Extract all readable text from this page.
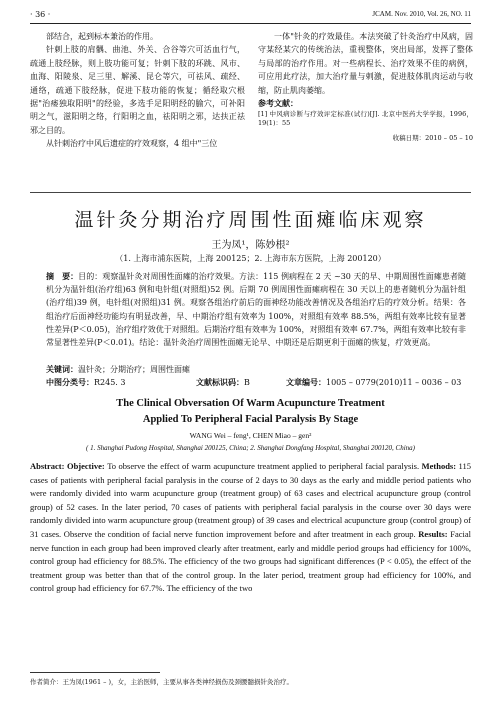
· 36 ·	JCAM. Nov. 2010, Vol. 26, NO. 11

部结合，起到标本兼治的作用。

针刺上肢的肩髃、曲池、外关、合谷等穴可活血行气，疏通上肢经脉，则上肢功能可复；针刺下肢的环跳、风市、血海、阳陵泉、足三里、解溪、昆仑等穴，可祛风、疏经、通络，疏通下肢经脉，促进下肢功能的恢复；循经取穴根据"治痿独取阳明"的经验，多选手足阳明经的腧穴，可补阳明之气，滋阳明之络，行阳明之血，祛阳明之邪，达扶正祛邪之目的。

从针刺治疗中风后遗症的疗效观察，4 组中"三位

一体"针灸的疗效最佳。本法突破了针灸治疗中风病，固守某经某穴的传统治法，重视整体，突出局部，发挥了整体与局部的治疗作用。对一些病程长、治疗效果不佳的病例，可应用此疗法，加大治疗量与剌激，促进肢体肌肉运动与收缩，防止肌肉萎缩。

参考文献：

[1] 中风病诊断与疗效评定标准(试行)[J]. 北京中医药大学学报，1996，19(1)：55

收稿日期：2010 – 05 – 10

温针灸分期治疗周围性面瘫临床观察
王为凤¹，陈妙根²
（1. 上海市浦东医院，上海 200125；2. 上海市东方医院，上海 200120）
摘　要：目的：观察温针灸对周围性面瘫的治疗效果。方法：115 例病程在 2 天 ~30 天的早、中期周围性面瘫患者随机分为温针组(治疗组)63 例和电针组(对照组)52 例。后期 70 例周围性面瘫病程在 30 天以上的患者随机分为温针组(治疗组)39 例，电针组(对照组)31 例。观察各组治疗前后的面神经功能改善情况及各组治疗后的疗效分析。结果：各组治疗后面神经功能均有明显改善，早、中期治疗组有效率为 100%，对照组有效率 88.5%，两组有效率比较有显著性差异(P＜0.05)，治疗组疗效优于对照组。后期治疗组有效率为 100%，对照组有效率 67.7%，两组有效率比较有非常显著性差异(P＜0.01)。结论：温针灸治疗周围性面瘫无论早、中期还是后期更利于面瘫的恢复，疗效更高。
关键词：温针灸；分期治疗；周围性面瘫
中图分类号：R245. 3	文献标识码：B	文章编号：1005 – 0779(2010)11 – 0036 – 03
The Clinical Obversation Of Warm Acupuncture Treatment
Applied To Peripheral Facial Paralysis By Stage
WANG Wei – feng¹, CHEN Miao – gen²
( 1. Shanghai Pudong Hospital, Shanghai 200125, China; 2. Shanghai Dongfang Hospital, Shanghai 200120, China)
Abstract: Objective: To observe the effect of warm acupuncture treatment applied to peripheral facial paralysis. Methods: 115 cases of patients with peripheral facial paralysis in the course of 2 days to 30 days as the early and middle period patients who were randomly divided into warm acupuncture group (treatment group) of 63 cases and electrical acupuncture group (control group) of 52 cases. In the later period, 70 cases of patients with peripheral facial paralysis in the course over 30 days were randomly divided into warm acupuncture group (treatment group) of 39 cases and electrical acupuncture group (control group) of 31 cases. Observe the condition of facial nerve function improvement before and after treatment in each group. Results: Facial nerve function in each group had been improved clearly after treatment, early and middle period groups had efficiency for 100%, control group had efficiency for 88.5%. The efficiency of the two groups had significant differences (P < 0.05), the effect of the treatment group was better than that of the control group. In the later period, treatment group had efficiency for 100%, and control group had efficiency for 67.7%. The efficiency of the two
作者简介：王为凤(1961 – )，女，主治医师，主要从事各类神经损伤及颈腰髓损针灸治疗。
